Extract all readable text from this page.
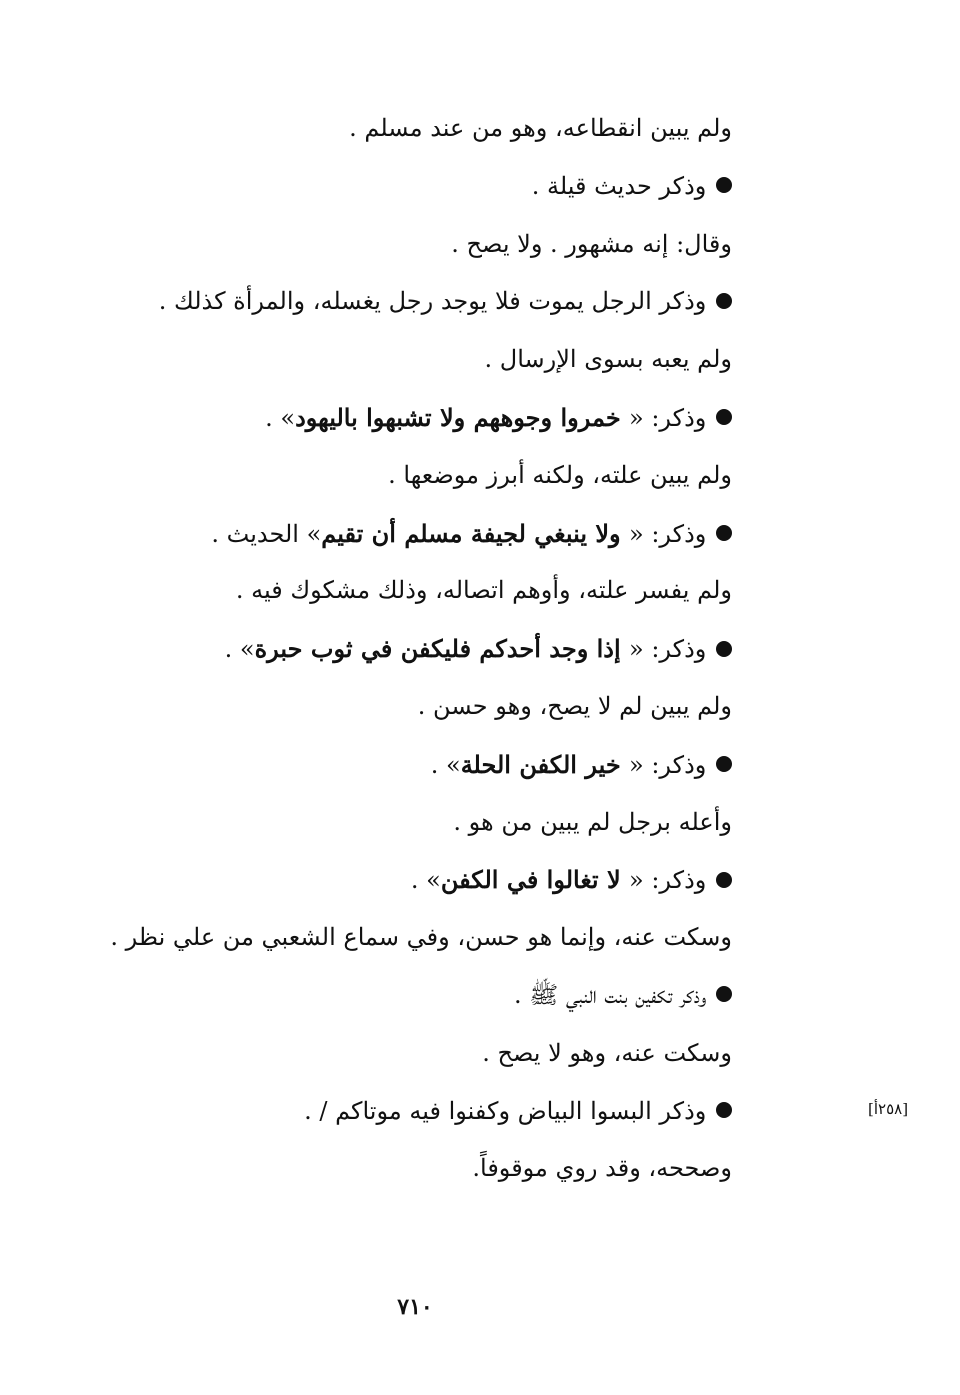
ولم يبين انقطاعه، وهو من عند مسلم .
وذكر حديث قيلة .
وقال: إنه مشهور . ولا يصح .
وذكر الرجل يموت فلا يوجد رجل يغسله، والمرأة كذلك .
ولم يعبه بسوى الإرسال .
وذكر: « خمروا وجوههم ولا تشبهوا باليهود» .
ولم يبين علته، ولكنه أبرز موضعها .
وذكر: « ولا ينبغي لجيفة مسلم أن تقيم» الحديث .
ولم يفسر علته، وأوهم اتصاله، وذلك مشكوك فيه .
وذكر: « إذا وجد أحدكم فليكفن في ثوب حبرة» .
ولم يبين لم لا يصح، وهو حسن .
وذكر: « خير الكفن الحلة» .
وأعله برجل لم يبين من هو .
وذكر: « لا تغالوا في الكفن» .
وسكت عنه، وإنما هو حسن، وفي سماع الشعبي من علي نظر .
وذكر تكفين بنت النبي ﷺ .
وسكت عنه، وهو لا يصح .
وذكر البسوا البياض وكفنوا فيه موتاكم / .
وصححه، وقد روي موقوفاً.
[٢٥٨أ]
٧١٠
